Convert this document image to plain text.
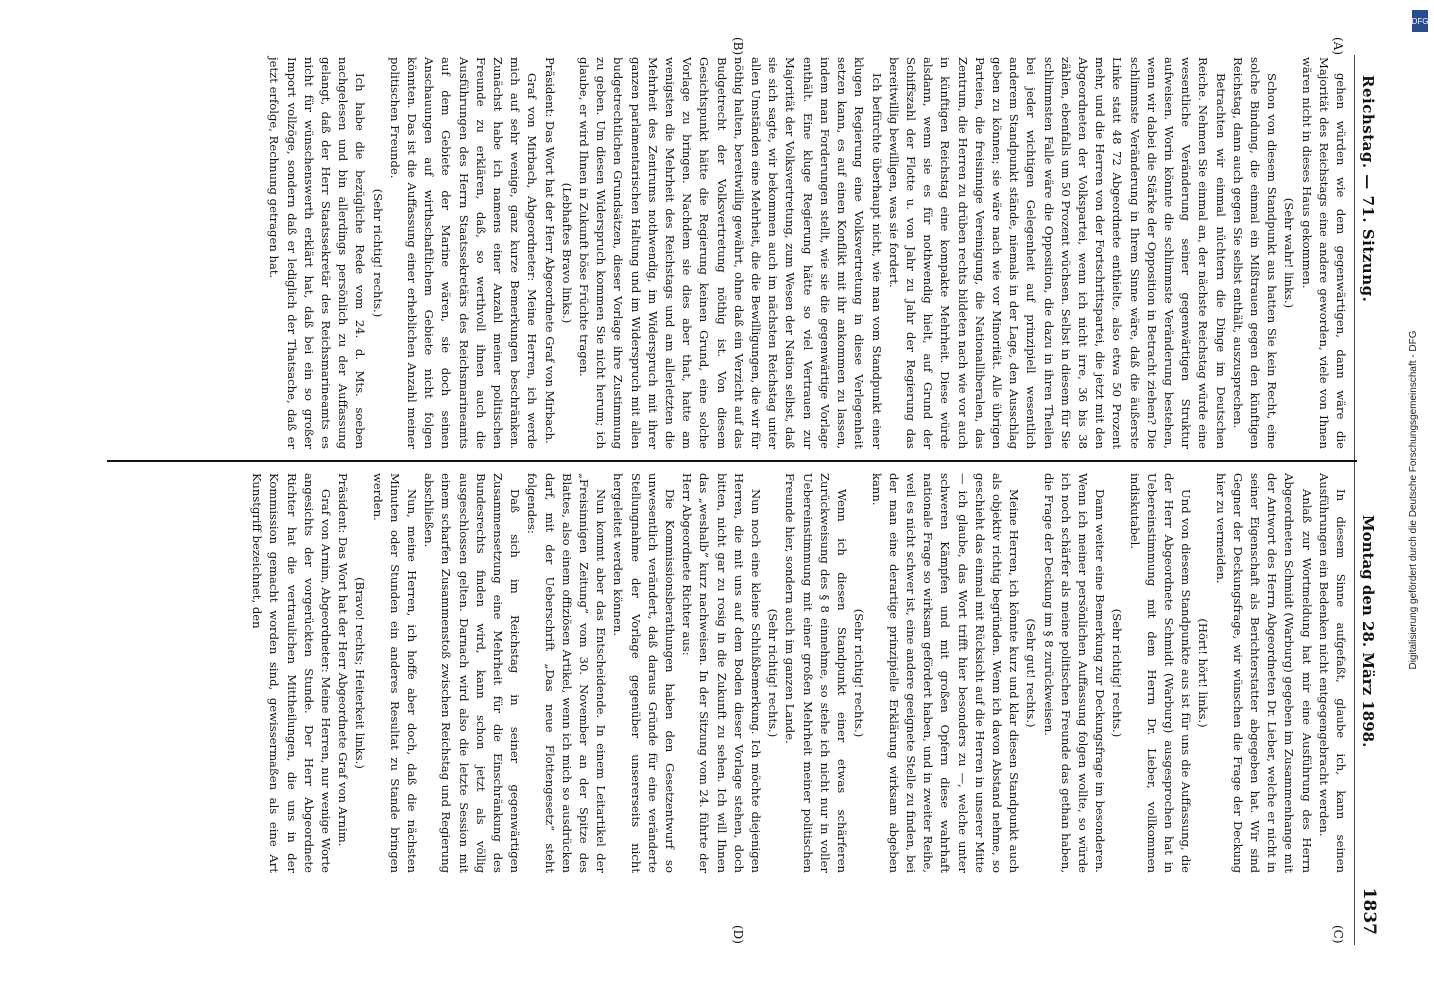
Reichstag. — 71. Sitzung.
Montag den 28. März 1898.
1837
(A)
(B)
(C)
(D)

gehen würden wie dem gegenwärtigen, dann wäre die Majorität des Reichstags eine andere geworden, viele von Ihnen wären nicht in dieses Haus gekommen.

(Sehr wahr! links.)

Schon von diesem Standpunkt aus hatten Sie kein Recht, eine solche Bindung, die einmal ein Mißtrauen gegen den künftigen Reichstag, dann auch gegen Sie selbst enthält, auszusprechen.

Betrachten wir einmal nüchtern die Dinge im Deutschen Reiche. Nehmen Sie einmal an, der nächste Reichstag würde eine wesentliche Veränderung seiner gegenwärtigen Struktur aufweisen. Worin könnte die schlimmste Veränderung bestehen, wenn wir dabei die Stärke der Opposition in Betracht ziehen? Die schlimmste Veränderung in Ihrem Sinne wäre, daß die äußerste Linke statt 48 72 Abgeordnete enthielte, also etwa 50 Prozent mehr, und die Herren von der Fortschrittspartei, die jetzt mit den Abgeordneten der Volkspartei, wenn ich nicht irre, 36 bis 38 zählen, ebenfalls um 50 Prozent wüchsen. Selbst in diesem für Sie schlimmsten Falle wäre die Opposition, die dazu in ihren Theilen bei jeder wichtigen Gelegenheit auf prinzipiell wesentlich anderem Standpunkt stände, niemals in der Lage, den Ausschlag geben zu können; sie wäre nach wie vor Minorität. Alle übrigen Parteien, die freisinnige Vereinigung, die Nationalliberalen, das Zentrum, die Herren zu drüben rechts bildeten nach wie vor auch in künftigen Reichstag eine kompakte Mehrheit. Diese würde alsdann, wenn sie es für nothwendig hielt, auf Grund der Schiffszahl der Flotte u. von Jahr zu Jahr der Regierung das bereitwillig bewilligen, was sie fordert.

Ich befürchte überhaupt nicht, wie man vom Standpunkt einer klugen Regierung eine Volksvertretung in diese Verlegenheit setzen kann, es auf einen Konflikt mit ihr ankommen zu lassen, indem man Forderungen stellt, wie sie die gegenwärtige Vorlage enthält. Eine kluge Regierung hätte so viel Vertrauen zur Majorität der Volksvertretung, zum Wesen der Nation selbst, daß sie sich sagte, wir bekommen auch im nächsten Reichstag unter allen Umständen eine Mehrheit, die die Bewilligungen, die wir für nöthig halten, bereitwillig gewährt, ohne daß ein Verzicht auf das Budgetrecht der Volksvertretung nöthig ist. Von diesem Gesichtspunkt hätte die Regierung keinen Grund, eine solche Vorlage zu bringen. Nachdem sie dies aber that, hatte am wenigsten die Mehrheit des Reichstags und am allerletzten die Mehrheit des Zentrums nothwendig, im Widerspruch mit ihrer ganzen parlamentarischen Haltung und im Widerspruch mit allen budgetrechtlichen Grundsätzen, dieser Vorlage ihre Zustimmung zu geben. Um diesen Widerspruch kommen Sie nicht herum; ich glaube, er wird Ihnen in Zukunft böse Früchte tragen.

(Lebhaftes Bravo links.)

Präsident: Das Wort hat der Herr Abgeordnete Graf von Mirbach.

Graf von Mirbach, Abgeordneter: Meine Herren, ich werde mich auf sehr wenige, ganz kurze Bemerkungen beschränken. Zunächst habe ich namens einer Anzahl meiner politischen Freunde zu erklären, daß, so werthvoll ihnen auch die Ausführungen des Herrn Staatssekretärs des Reichsmarineamts auf dem Gebiete der Marine wären, sie doch seinen Anschauungen auf wirthschaftlichem Gebiete nicht folgen könnten. Das ist die Auffassung einer erheblichen Anzahl meiner politischen Freunde.

(Sehr richtig! rechts.)

Ich habe die bezügliche Rede vom 24. d. Mts. soeben nachgelesen und bin allerdings persönlich zu der Auffassung gelangt, daß der Herr Staatssekretär des Reichsmarineamts es nicht für wünschenswerth erklärt hat, daß bei ein so großer Import vollzöge, sondern daß er lediglich der Thatsache, daß er jetzt erfolge, Rechnung getragen hat.

In diesem Sinne aufgefaßt, glaube ich, kann seinen Ausführungen ein Bedenken nicht entgegengebracht werden.

Anlaß zur Wortmeldung hat mir eine Ausführung des Herrn Abgeordneten Schmidt (Warburg) gegeben im Zusammenhange mit der Antwort des Herrn Abgeordneten Dr. Lieber, welche er nicht in seiner Eigenschaft als Berichterstatter abgegeben hat. Wir sind Gegner der Deckungsfrage, wir wünschen die Frage der Deckung hier zu vermeiden.

(Hört! hört! links.)

Und von diesem Standpunkte aus ist für uns die Auffassung, die der Herr Abgeordnete Schmidt (Warburg) ausgesprochen hat in Uebereinstimmung mit dem Herrn Dr. Lieber, vollkommen indiskutabel.

(Sehr richtig! rechts.)

Dann weiter eine Bemerkung zur Deckungsfrage im besonderen. Wenn ich meiner persönlichen Auffassung folgen wollte, so würde ich noch schärfer als meine politischen Freunde das gethan haben, die Frage der Deckung im § 8 zurückweisen.

(Sehr gut! rechts.)

Meine Herren, ich könnte kurz und klar diesen Standpunkt auch als objektiv richtig begründen. Wenn ich davon Abstand nehme, so geschieht das einmal mit Rücksicht auf die Herren in unserer Mitte — ich glaube, das Wort trifft hier besonders zu —, welche unter schweren Kämpfen und mit großen Opfern diese wahrhaft nationale Frage so wirksam gefördert haben, und in zweiter Reihe, weil es nicht schwer ist, eine andere geeignete Stelle zu finden, bei der man eine derartige prinzipielle Erklärung wirksam abgeben kann.

(Sehr richtig! rechts.)

Wenn ich diesen Standpunkt einer etwas schärferen Zurückweisung des § 8 einnehme, so stehe ich nicht nur in voller Uebereinstimmung mit einer großen Mehrheit meiner politischen Freunde hier, sondern auch im ganzen Lande.

(Sehr richtig! rechts.)

Nun noch eine kleine Schlußbemerkung. Ich möchte diejenigen Herren, die mit uns auf dem Boden dieser Vorlage stehen, doch bitten, nicht gar zu rosig in die Zukunft zu sehen. Ich will Ihnen das „weshalb“ kurz nachweisen. In der Sitzung vom 24. führte der Herr Abgeordnete Richter aus:

Die Kommissionsberathungen haben den Gesetzentwurf so unwesentlich verändert, daß daraus Gründe für eine veränderte Stellungnahme der Vorlage gegenüber unsererseits nicht hergeleitet werden können.

Nun kommt aber das Entscheidende. In einem Leitartikel der „Freisinnigen Zeitung“ vom 30. November an der Spitze des Blattes, also einem offiziösen Artikel, wenn ich mich so ausdrücken darf, mit der Ueberschrift „Das neue Flottengesetz“ steht folgendes:

Daß sich im Reichstag in seiner gegenwärtigen Zusammensetzung eine Mehrheit für die Einschränkung des Bundesrechts finden wird, kann schon jetzt als völlig ausgeschlossen gelten. Darnach wird also die letzte Session mit einem scharfen Zusammenstoß zwischen Reichstag und Regierung abschließen.

Nun, meine Herren, ich hoffe aber doch, daß die nächsten Minuten oder Stunden ein anderes Resultat zu Stande bringen werden.

(Bravo! rechts; Heiterkeit links.)

Präsident: Das Wort hat der Herr Abgeordnete Graf von Arnim.

Graf von Arnim, Abgeordneter: Meine Herren, nur wenige Worte angesichts der vorgerückten Stunde. Der Herr Abgeordnete Richter hat die vertraulichen Mittheilungen, die uns in der Kommission gemacht worden sind, gewissermaßen als eine Art Kunstgriff bezeichnet, den

DFG
Digitalisierung gefördert durch die Deutsche Forschungsgemeinschaft - DFG
